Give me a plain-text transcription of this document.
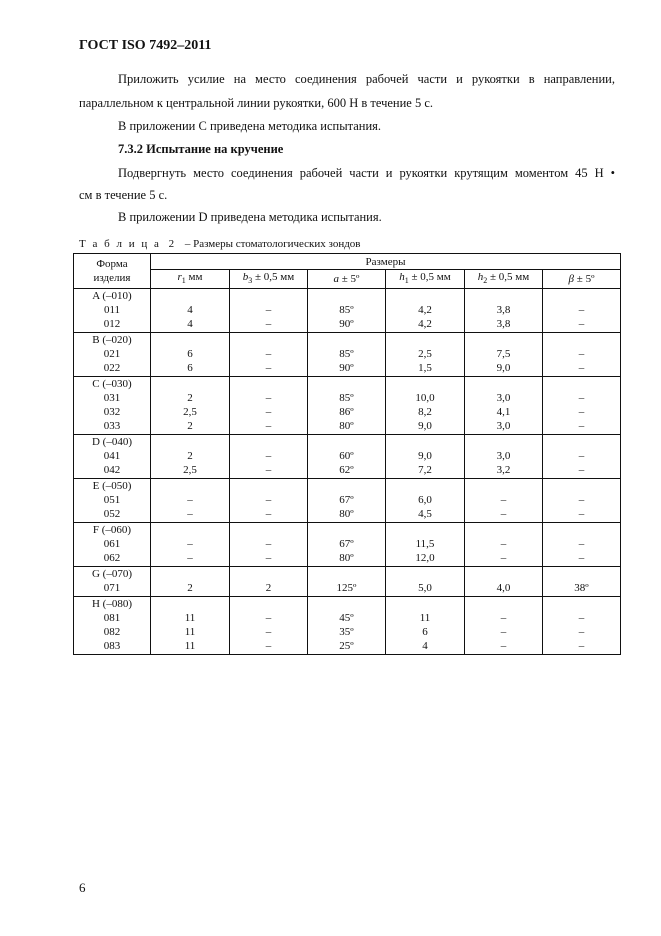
ГОСТ ISO 7492–2011
Приложить усилие на место соединения рабочей части и рукоятки в направлении,
параллельном к центральной линии рукоятки, 600 Н в течение 5 с.
В приложении С приведена методика испытания.
7.3.2 Испытание на кручение
Подвергнуть место соединения рабочей части и рукоятки крутящим моментом 45 Н •
см в течение 5 с.
В приложении D приведена методика испытания.
Т а б л и ц а 2 – Размеры стоматологических зондов
Форма
изделия	Размеры					
	$r_1$ мм	$b_3 \pm 0,5$ мм	a ± 5º	$h_1 \pm 0,5$ мм	$h_2 \pm 0,5$ мм	β ± 5º
A (–010)						
011	4	–	85º	4,2	3,8	–
012	4	–	90º	4,2	3,8	–
B (–020)						
021	6	–	85º	2,5	7,5	–
022	6	–	90º	1,5	9,0	–
C (–030)						
031	2	–	85º	10,0	3,0	–
032	2,5	–	86º	8,2	4,1	–
033	2	–	80º	9,0	3,0	–
D (–040)						
041	2	–	60º	9,0	3,0	–
042	2,5	–	62º	7,2	3,2	–
E (–050)						
051	–	–	67º	6,0	–	–
052	–	–	80º	4,5	–	–
F (–060)						
061	–	–	67º	11,5	–	–
062	–	–	80º	12,0	–	–
G (–070)						
071	2	2	125º	5,0	4,0	38º
H (–080)						
081	11	–	45º	11	–	–
082	11	–	35º	6	–	–
083	11	–	25º	4	–	–
6
